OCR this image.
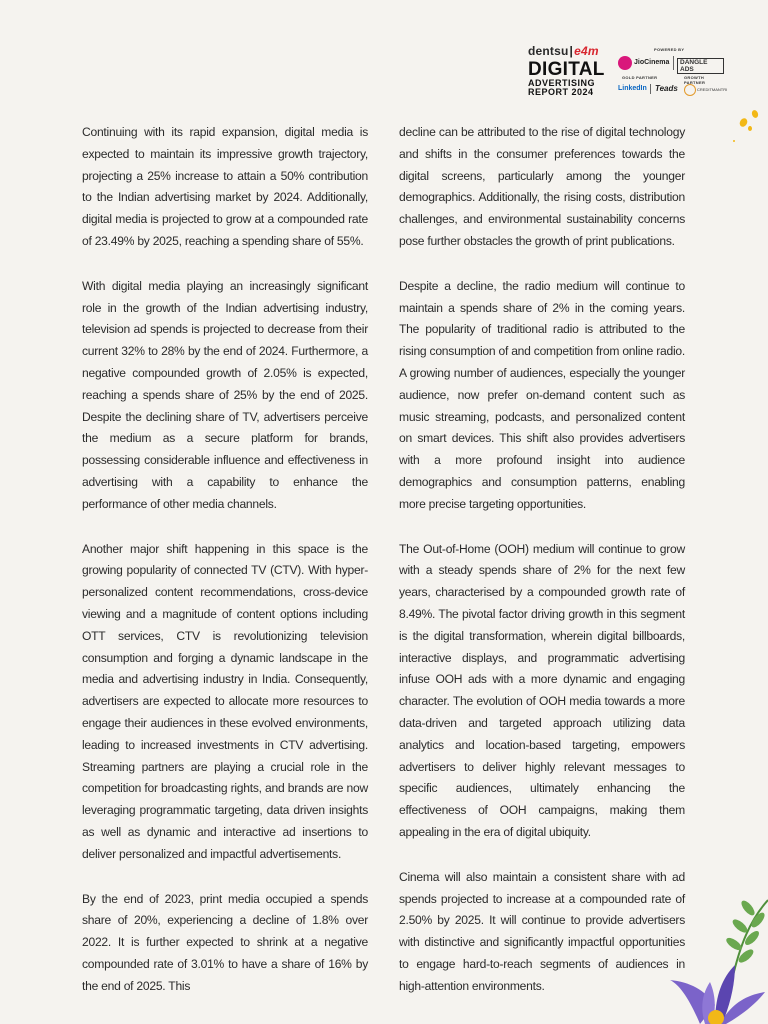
dentsu|e4m
DIGITAL
ADVERTISING
REPORT 2024
POWERED BY
JioCinema	DANGLE ADS
GOLD PARTNER	GROWTH PARTNER
LinkedIn Teads	CREDITMANTRI

Continuing with its rapid expansion, digital media is expected to maintain its impressive growth trajectory, projecting a 25% increase to attain a 50% contribution to the Indian advertising market by 2024. Additionally, digital media is projected to grow at a compounded rate of 23.49% by 2025, reaching a spending share of 55%.

With digital media playing an increasingly significant role in the growth of the Indian advertising industry, television ad spends is projected to decrease from their current 32% to 28% by the end of 2024. Furthermore, a negative compounded growth of 2.05% is expected, reaching a spends share of 25% by the end of 2025. Despite the declining share of TV, advertisers perceive the medium as a secure platform for brands, possessing considerable influence and effectiveness in advertising with a capability to enhance the performance of other media channels.

Another major shift happening in this space is the growing popularity of connected TV (CTV). With hyper-personalized content recommendations, cross-device viewing and a magnitude of content options including OTT services, CTV is revolutionizing television consumption and forging a dynamic landscape in the media and advertising industry in India. Consequently, advertisers are expected to allocate more resources to engage their audiences in these evolved environments, leading to increased investments in CTV advertising. Streaming partners are playing a crucial role in the competition for broadcasting rights, and brands are now leveraging programmatic targeting, data driven insights as well as dynamic and interactive ad insertions to deliver personalized and impactful advertisements.

By the end of 2023, print media occupied a spends share of 20%, experiencing a decline of 1.8% over 2022. It is further expected to shrink at a negative compounded rate of 3.01% to have a share of 16% by the end of 2025. This

decline can be attributed to the rise of digital technology and shifts in the consumer preferences towards the digital screens, particularly among the younger demographics. Additionally, the rising costs, distribution challenges, and environmental sustainability concerns pose further obstacles the growth of print publications.

Despite a decline, the radio medium will continue to maintain a spends share of 2% in the coming years. The popularity of traditional radio is attributed to the rising consumption of and competition from online radio. A growing number of audiences, especially the younger audience, now prefer on-demand content such as music streaming, podcasts, and personalized content on smart devices. This shift also provides advertisers with a more profound insight into audience demographics and consumption patterns, enabling more precise targeting opportunities.

The Out-of-Home (OOH) medium will continue to grow with a steady spends share of 2% for the next few years, characterised by a compounded growth rate of 8.49%. The pivotal factor driving growth in this segment is the digital transformation, wherein digital billboards, interactive displays, and programmatic advertising infuse OOH ads with a more dynamic and engaging character. The evolution of OOH media towards a more data-driven and targeted approach utilizing data analytics and location-based targeting, empowers advertisers to deliver highly relevant messages to specific audiences, ultimately enhancing the effectiveness of OOH campaigns, making them appealing in the era of digital ubiquity.

Cinema will also maintain a consistent share with ad spends projected to increase at a compounded rate of 2.50% by 2025. It will continue to provide advertisers with distinctive and significantly impactful opportunities to engage hard-to-reach segments of audiences in high-attention environments.
